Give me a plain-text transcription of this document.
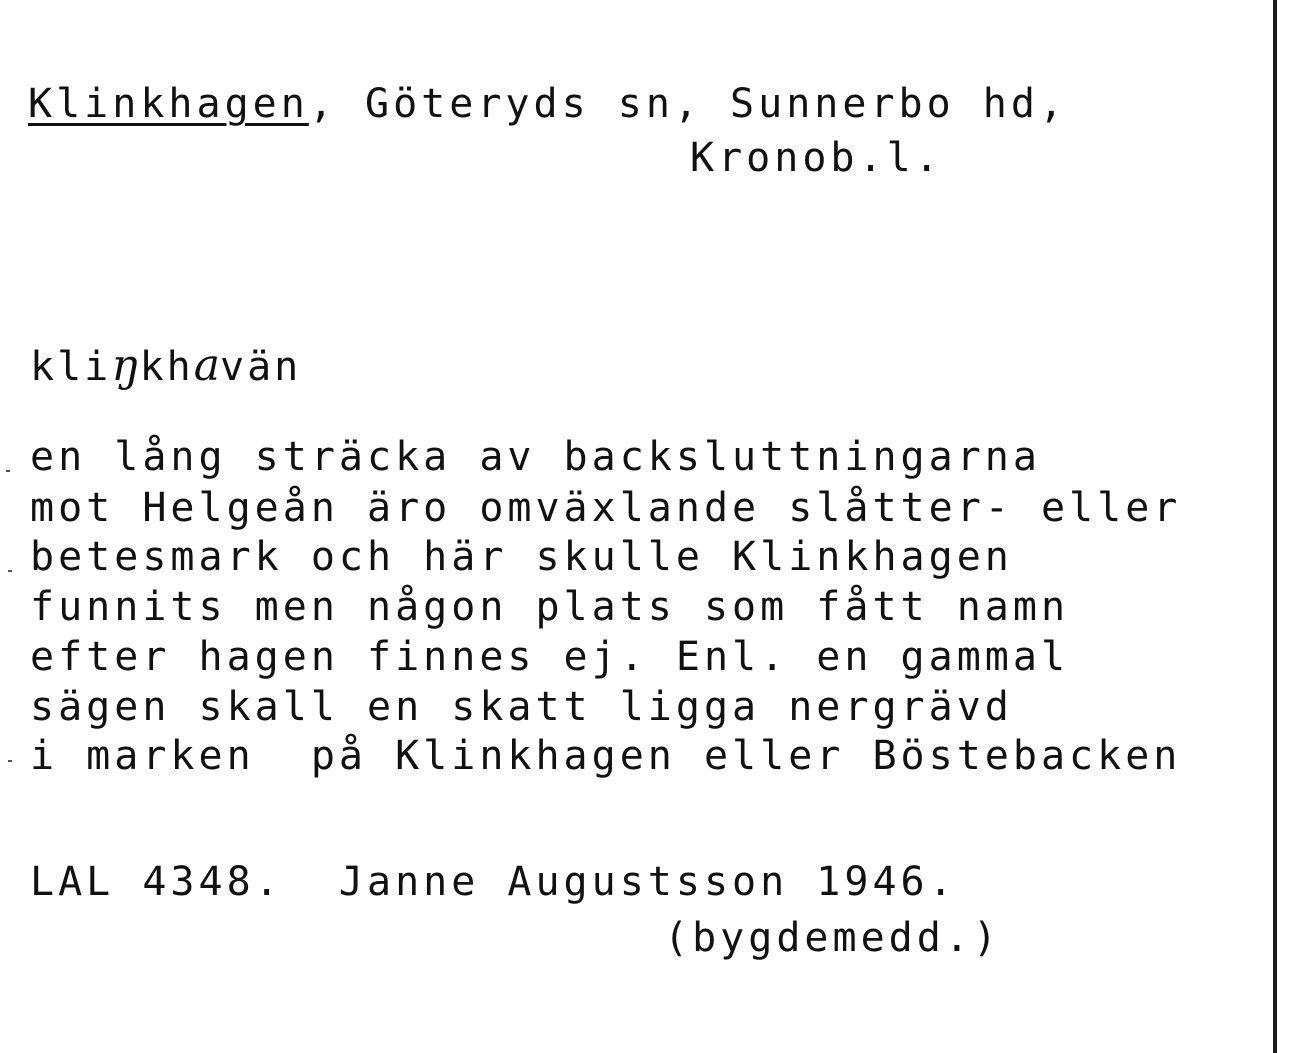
Klinkhagen, Göteryds sn, Sunnerbo hd,
Kronob.l.
kliŋkhavän
en lång sträcka av backsluttningarna
mot Helgeån äro omväxlande slåtter- eller
betesmark och här skulle Klinkhagen
funnits men någon plats som fått namn
efter hagen finnes ej. Enl. en gammal
sägen skall en skatt ligga nergrävd
i marken  på Klinkhagen eller Böstebacken
LAL 4348.  Janne Augustsson 1946.
(bygdemedd.)
